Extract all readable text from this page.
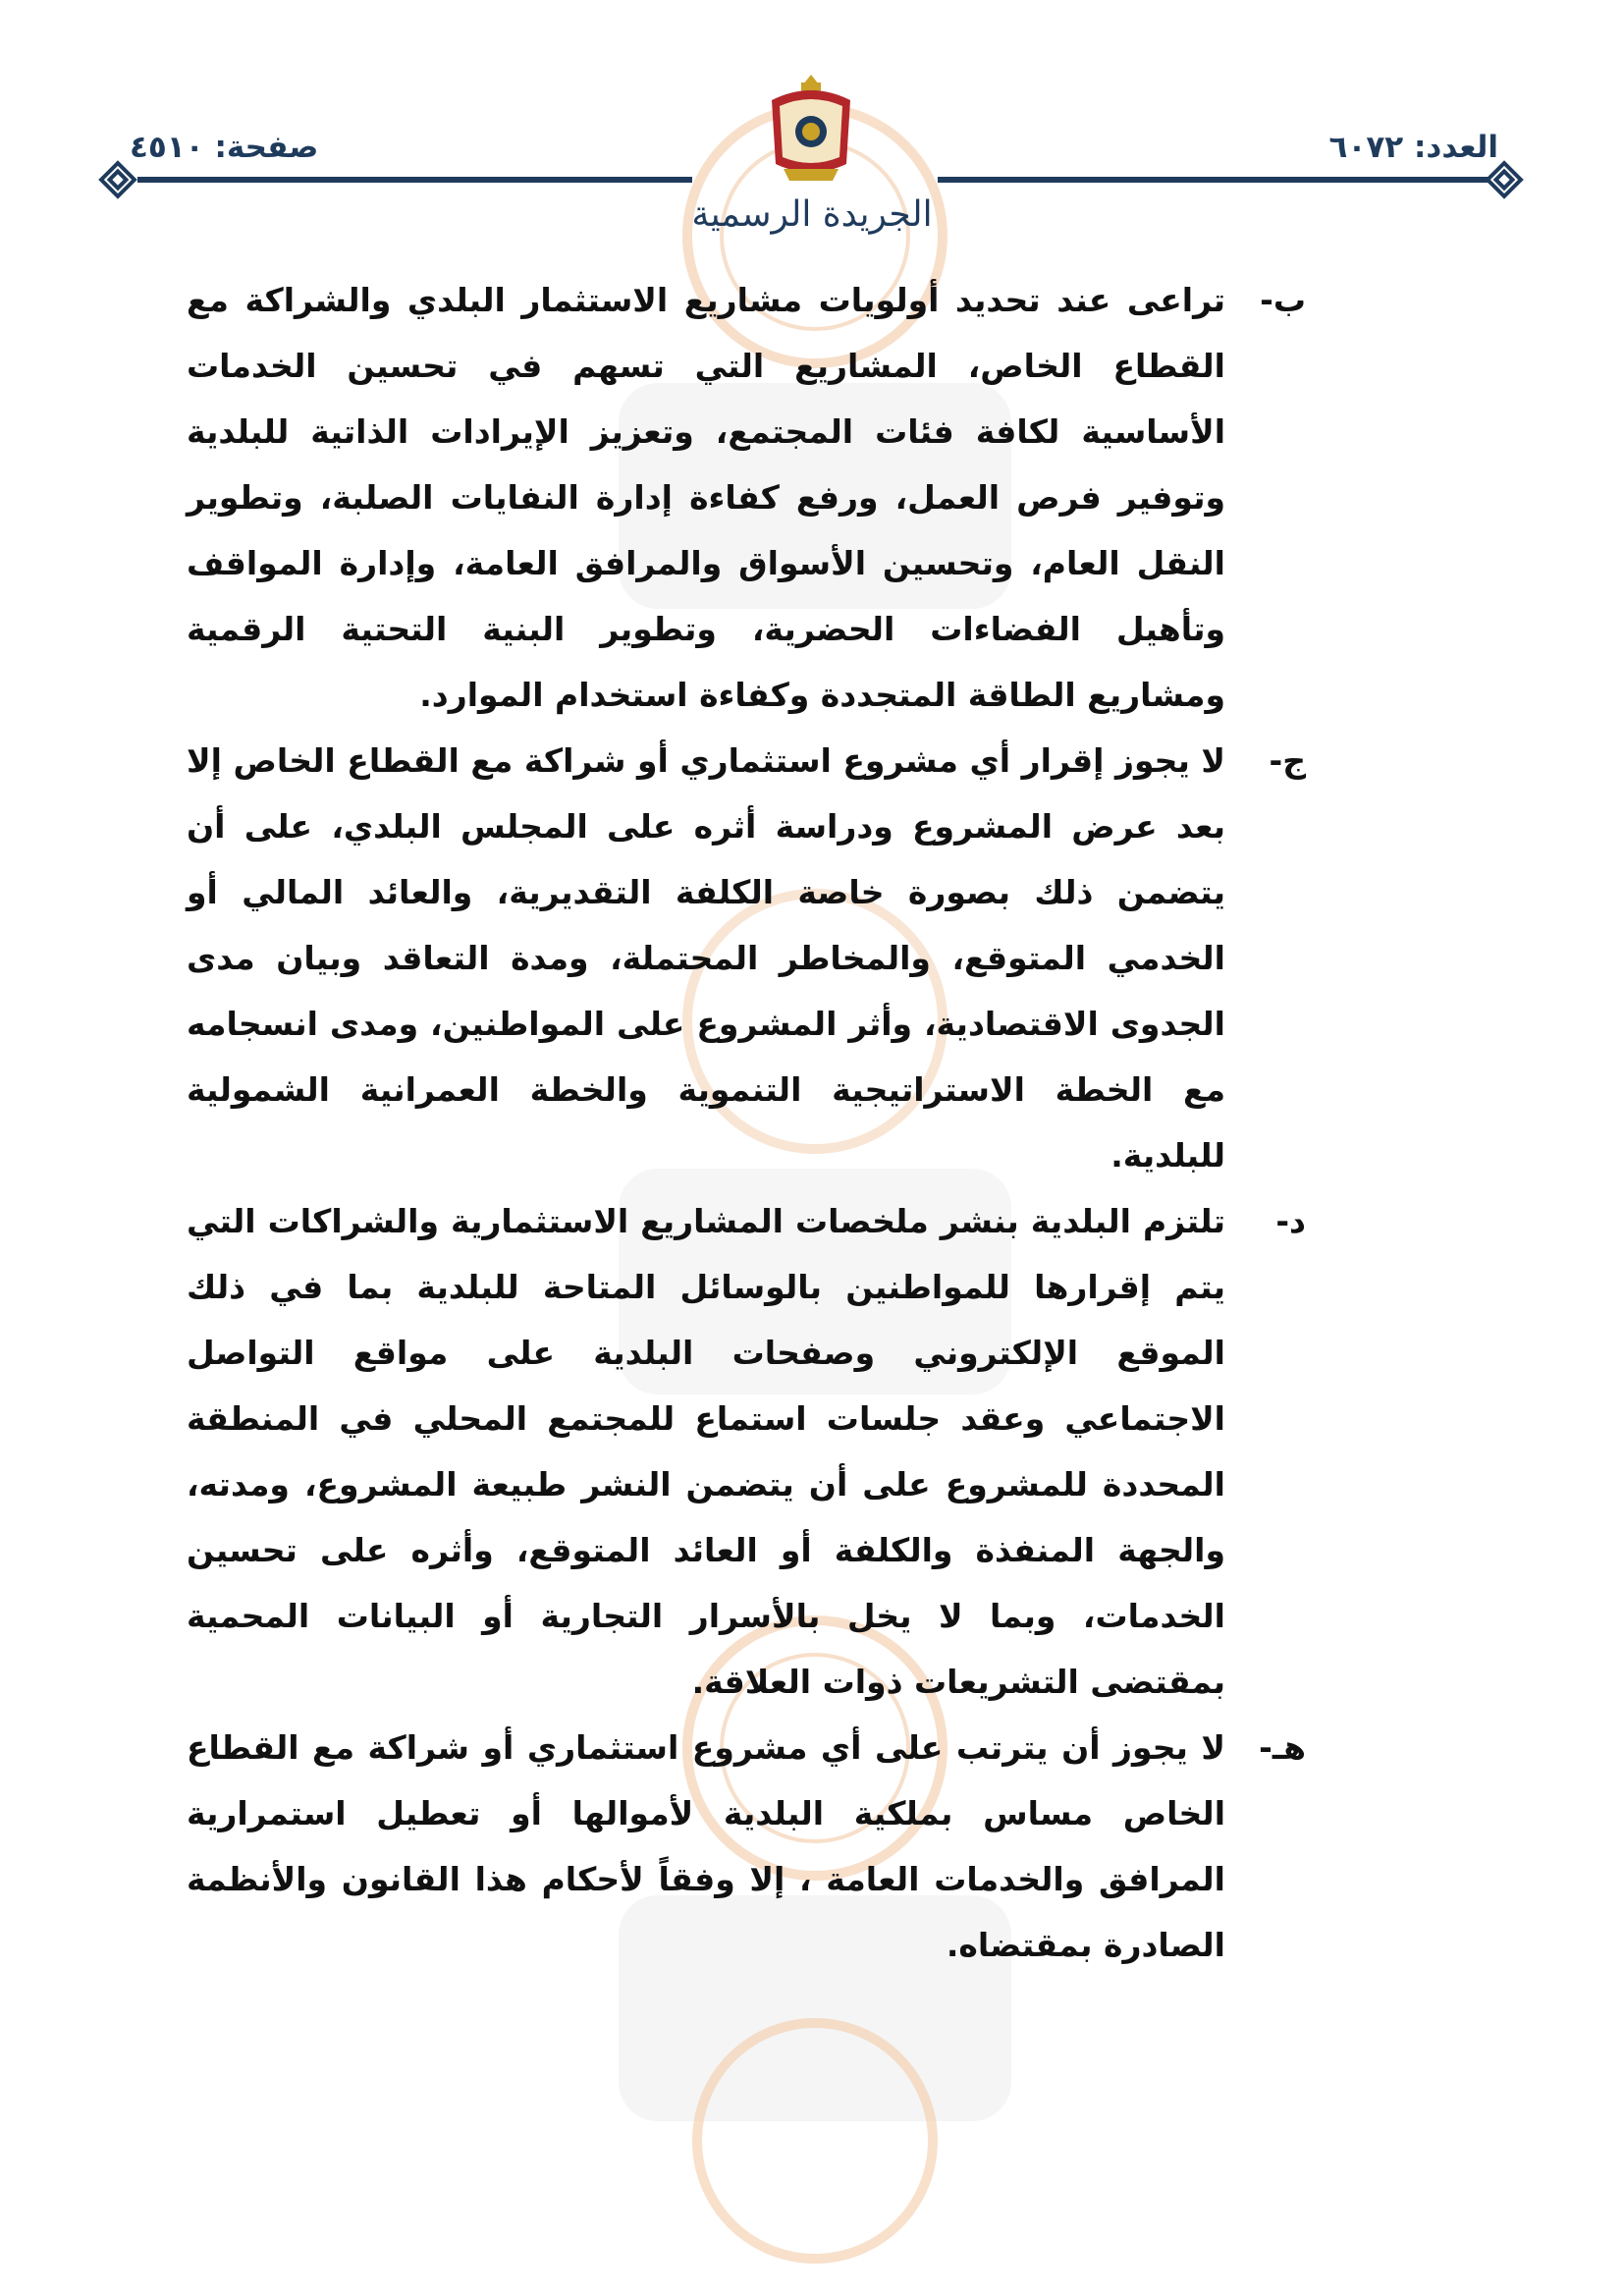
العدد: ٦٠٧٢
صفحة: ٤٥١٠
الجريدة الرسمية
ب-
تراعى عند تحديد أولويات مشاريع الاستثمار البلدي والشراكة مع القطاع الخاص، المشاريع التي تسهم في تحسين الخدمات الأساسية لكافة فئات المجتمع، وتعزيز الإيرادات الذاتية للبلدية وتوفير فرص العمل، ورفع كفاءة إدارة النفايات الصلبة، وتطوير النقل العام، وتحسين الأسواق والمرافق العامة، وإدارة المواقف وتأهيل الفضاءات الحضرية، وتطوير البنية التحتية الرقمية ومشاريع الطاقة المتجددة وكفاءة استخدام الموارد.
ج-
لا يجوز إقرار أي مشروع استثماري أو شراكة مع القطاع الخاص إلا بعد عرض المشروع ودراسة أثره على المجلس البلدي، على أن يتضمن ذلك بصورة خاصة الكلفة التقديرية، والعائد المالي أو الخدمي المتوقع، والمخاطر المحتملة، ومدة التعاقد وبيان مدى الجدوى الاقتصادية، وأثر المشروع على المواطنين، ومدى انسجامه مع الخطة الاستراتيجية التنموية والخطة العمرانية الشمولية للبلدية.
د-
تلتزم البلدية بنشر ملخصات المشاريع الاستثمارية والشراكات التي يتم إقرارها للمواطنين بالوسائل المتاحة للبلدية بما في ذلك الموقع الإلكتروني وصفحات البلدية على مواقع التواصل الاجتماعي وعقد جلسات استماع للمجتمع المحلي في المنطقة المحددة للمشروع على أن يتضمن النشر طبيعة المشروع، ومدته، والجهة المنفذة والكلفة أو العائد المتوقع، وأثره على تحسين الخدمات، وبما لا يخل بالأسرار التجارية أو البيانات المحمية بمقتضى التشريعات ذوات العلاقة.
هـ-
لا يجوز أن يترتب على أي مشروع استثماري أو شراكة مع القطاع الخاص مساس بملكية البلدية لأموالها أو تعطيل استمرارية المرافق والخدمات العامة ، إلا وفقاً لأحكام هذا القانون والأنظمة الصادرة بمقتضاه.
